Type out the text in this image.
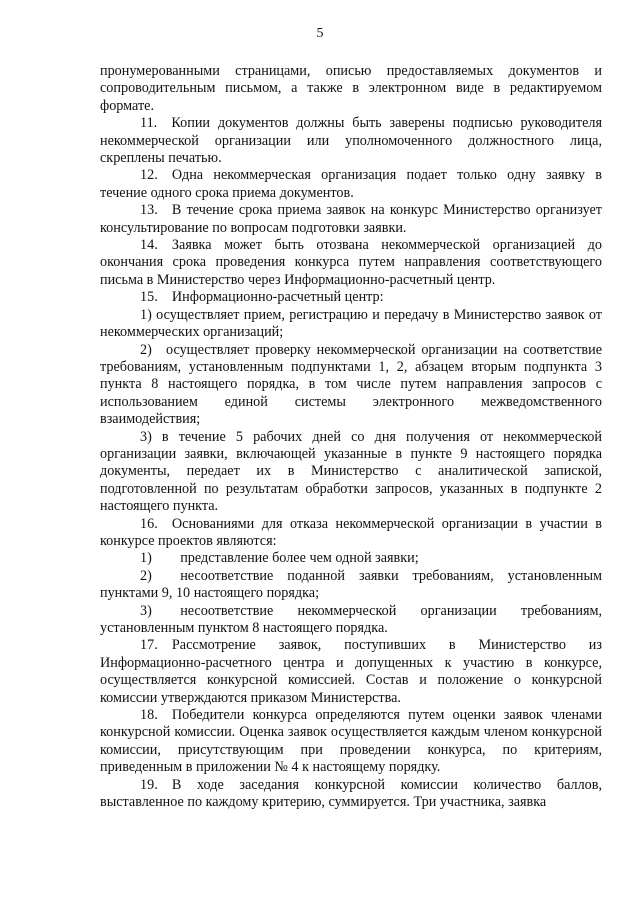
5

пронумерованными страницами, описью предоставляемых документов и сопроводительным письмом, а также в электронном виде в редактируемом формате.

11. Копии документов должны быть заверены подписью руководителя некоммерческой организации или уполномоченного должностного лица, скреплены печатью.

12. Одна некоммерческая организация подает только одну заявку в течение одного срока приема документов.

13. В течение срока приема заявок на конкурс Министерство организует консультирование по вопросам подготовки заявки.

14. Заявка может быть отозвана некоммерческой организацией до окончания срока проведения конкурса путем направления соответствующего письма в Министерство через Информационно-расчетный центр.

15. Информационно-расчетный центр:

1) осуществляет прием, регистрацию и передачу в Министерство заявок от некоммерческих организаций;

2) осуществляет проверку некоммерческой организации на соответствие требованиям, установленным подпунктами 1, 2, абзацем вторым подпункта 3 пункта 8 настоящего порядка, в том числе путем направления запросов с использованием единой системы электронного межведомственного взаимодействия;

3) в течение 5 рабочих дней со дня получения от некоммерческой организации заявки, включающей указанные в пункте 9 настоящего порядка документы, передает их в Министерство с аналитической запиской, подготовленной по результатам обработки запросов, указанных в подпункте 2 настоящего пункта.

16. Основаниями для отказа некоммерческой организации в участии в конкурсе проектов являются:

1)  представление более чем одной заявки;

2)  несоответствие поданной заявки требованиям, установленным пунктами 9, 10 настоящего порядка;

3)  несоответствие некоммерческой организации требованиям, установленным пунктом 8 настоящего порядка.

17. Рассмотрение заявок, поступивших в Министерство из Информационно-расчетного центра и допущенных к участию в конкурсе, осуществляется конкурсной комиссией. Состав и положение о конкурсной комиссии утверждаются приказом Министерства.

18. Победители конкурса определяются путем оценки заявок членами конкурсной комиссии. Оценка заявок осуществляется каждым членом конкурсной комиссии, присутствующим при проведении конкурса, по критериям, приведенным в приложении № 4 к настоящему порядку.

19. В ходе заседания конкурсной комиссии количество баллов, выставленное по каждому критерию, суммируется. Три участника, заявка
